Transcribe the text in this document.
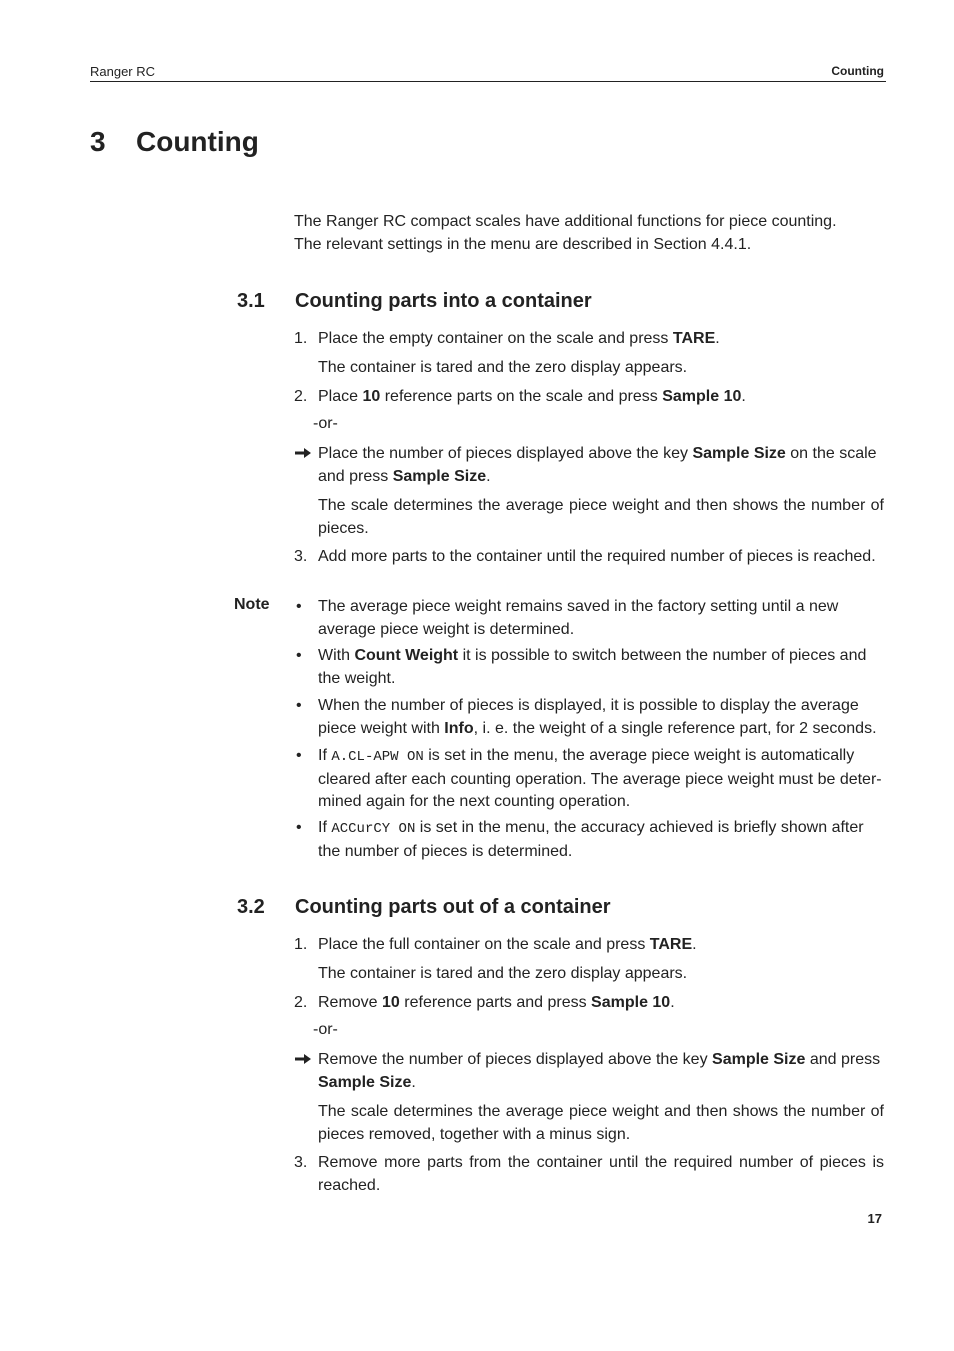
Ranger RC	Counting
3 Counting
The Ranger RC compact scales have additional functions for piece counting.
The relevant settings in the menu are described in Section 4.4.1.
3.1 Counting parts into a container
1. Place the empty container on the scale and press TARE.
The container is tared and the zero display appears.
2. Place 10 reference parts on the scale and press Sample 10.
-or-
Place the number of pieces displayed above the key Sample Size on the scale and press Sample Size.
The scale determines the average piece weight and then shows the number of pieces.
3. Add more parts to the container until the required number of pieces is reached.
Note •	The average piece weight remains saved in the factory setting until a new average piece weight is determined.
•	With Count Weight it is possible to switch between the number of pieces and the weight.
•	When the number of pieces is displayed, it is possible to display the average piece weight with Info, i. e. the weight of a single reference part, for 2 seconds.
•	If A.CL-APW ON is set in the menu, the average piece weight is automatically cleared after each counting operation. The average piece weight must be deter-mined again for the next counting operation.
•	If ACCurCY ON is set in the menu, the accuracy achieved is briefly shown after the number of pieces is determined.
3.2 Counting parts out of a container
1. Place the full container on the scale and press TARE.
The container is tared and the zero display appears.
2. Remove 10 reference parts and press Sample 10.
-or-
Remove the number of pieces displayed above the key Sample Size and press Sample Size.
The scale determines the average piece weight and then shows the number of pieces removed, together with a minus sign.
3. Remove more parts from the container until the required number of pieces is reached.
17
